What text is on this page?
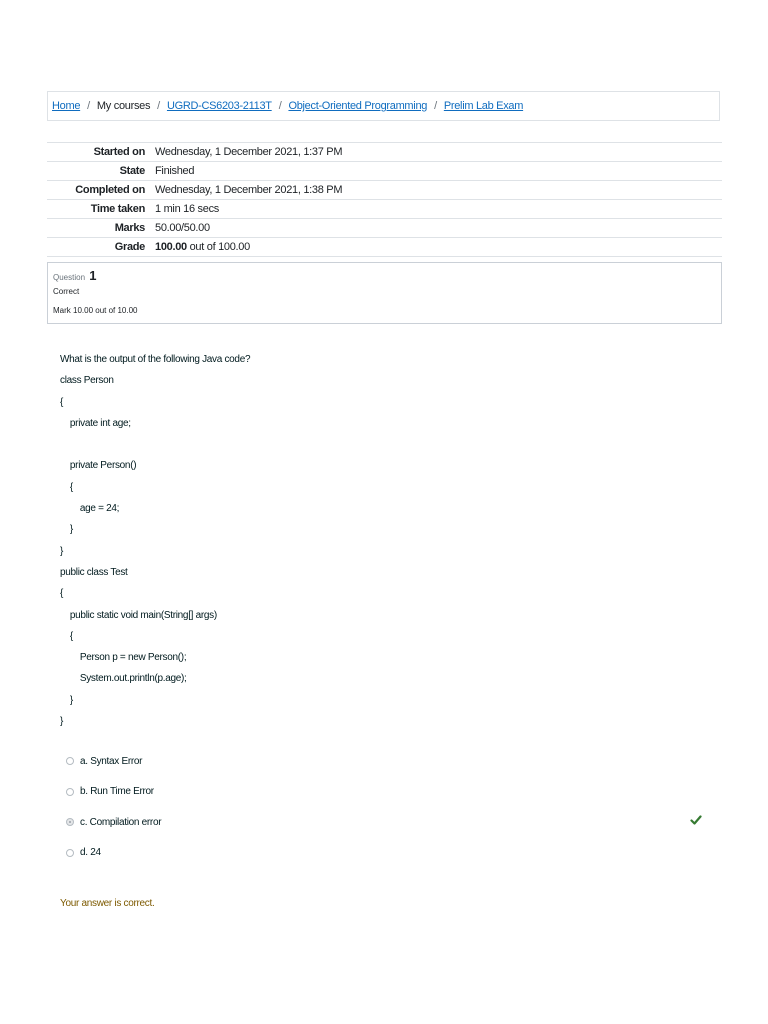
Home / My courses / UGRD-CS6203-2113T / Object-Oriented Programming / Prelim Lab Exam
Started on	Wednesday, 1 December 2021, 1:37 PM
State	Finished
Completed on	Wednesday, 1 December 2021, 1:38 PM
Time taken	1 min 16 secs
Marks	50.00/50.00
Grade	100.00 out of 100.00
Question 1
Correct
Mark 10.00 out of 10.00
What is the output of the following Java code?
class Person
{
private int age;
private Person()
{
age = 24;
}
}
public class Test
{
public static void main(String[] args)
{
Person p = new Person();
System.out.println(p.age);
}
}
a. Syntax Error
b. Run Time Error
c. Compilation error
d. 24
Your answer is correct.
